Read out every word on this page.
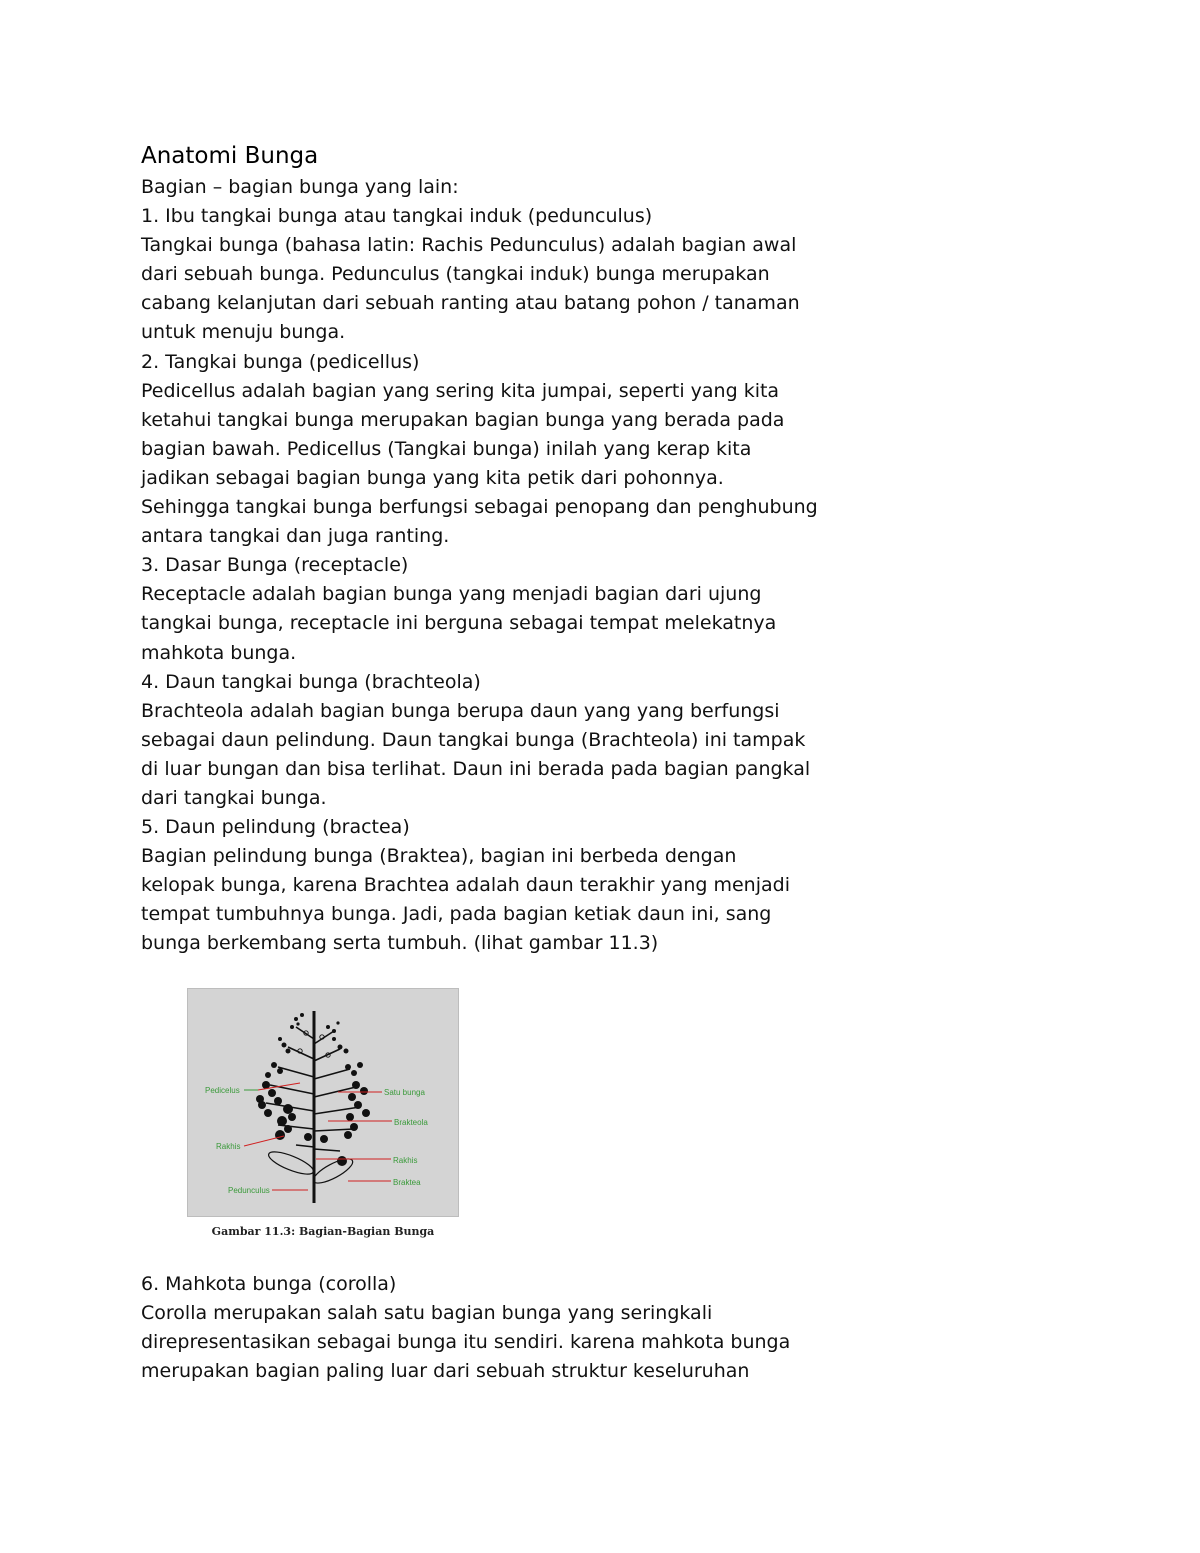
Anatomi Bunga
Bagian – bagian bunga yang lain:
1. Ibu tangkai bunga atau tangkai induk (pedunculus)
Tangkai bunga (bahasa latin: Rachis Pedunculus) adalah bagian awal
dari sebuah bunga. Pedunculus (tangkai induk) bunga merupakan
cabang kelanjutan dari sebuah ranting atau batang pohon / tanaman
untuk menuju bunga.
2. Tangkai bunga (pedicellus)
Pedicellus adalah bagian yang sering kita jumpai, seperti yang kita
ketahui tangkai bunga merupakan bagian bunga yang berada pada
bagian bawah. Pedicellus (Tangkai bunga) inilah yang kerap kita
jadikan sebagai bagian bunga yang kita petik dari pohonnya.
Sehingga tangkai bunga berfungsi sebagai penopang dan penghubung
antara tangkai dan juga ranting.
3. Dasar Bunga (receptacle)
Receptacle adalah bagian bunga yang menjadi bagian dari ujung
tangkai bunga, receptacle ini berguna sebagai tempat melekatnya
mahkota bunga.
4. Daun tangkai bunga (brachteola)
Brachteola adalah bagian bunga berupa daun yang yang berfungsi
sebagai daun pelindung. Daun tangkai bunga (Brachteola) ini tampak
di luar bungan dan bisa terlihat. Daun ini berada pada bagian pangkal
dari tangkai bunga.
5. Daun pelindung (bractea)
Bagian pelindung bunga (Braktea), bagian ini berbeda dengan
kelopak bunga, karena Brachtea adalah daun terakhir yang menjadi
tempat tumbuhnya bunga. Jadi, pada bagian ketiak daun ini, sang
bunga berkembang serta tumbuh. (lihat gambar 11.3)
Pedicelus
Rakhis
Pedunculus
Satu bunga
Brakteola
Rakhis
Braktea
Gambar 11.3: Bagian-Bagian Bunga
6. Mahkota bunga (corolla)
Corolla merupakan salah satu bagian bunga yang seringkali
direpresentasikan sebagai bunga itu sendiri. karena mahkota bunga
merupakan bagian paling luar dari sebuah struktur keseluruhan
